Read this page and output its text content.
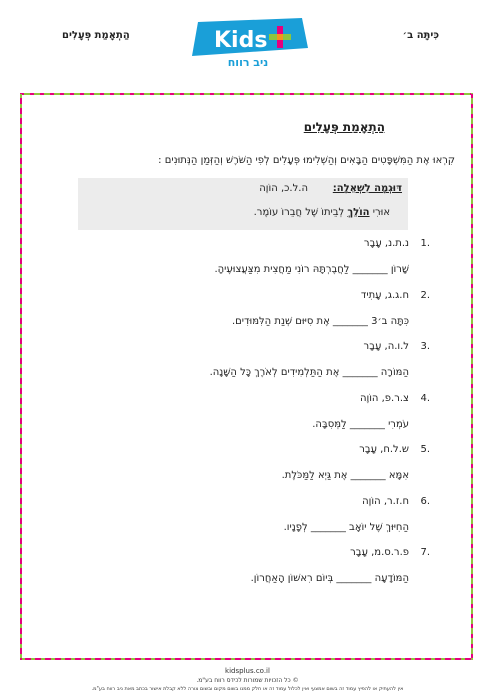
הַתְאָמַת פְּעָלִים	Kids
ניב רווח
כִּיתָּה ב׳
הַתְאָמַת פְּעָלִים
קִרְאוּ אֶת הַמִּשְׁפָּטִים הַבָּאִים וְהַשְׁלִימוּ פְּעָלִים לְפִי הַשֹּׁרֶשׁ וְהַזְּמַן הַנְּתוּנִים :
דּוּגְמָה לִשְׁאֵלָה:
ה.ל.כ, הוֹוֶה
אוּרִי הוֹלֵךְ לְבֵיתוֹ שֶׁל חֲבֵרוֹ עוֹמֶר.
1.
נ.ת.נ, עָבָר
שָׁרוֹן _______ לַחֲבֶרְתָּהּ רוֹנִי מַחֲצִית מִצַּעֲצוּעֶיהָ.
2.
ח.ג.ג, עָתִיד
כִּתָּה ב׳3 _______ אֶת סִיּוּם שְׁנַת הַלִּמּוּדִים.
3.
ל.ו.ה, עָבָר
הַמּוֹרָה _______ אֶת הַתַּלְמִידִים לְאֹרֶךְ כָּל הַשָּׁנָה.
4.
צ.ר.פ, הוֹוֶה
עֹמְרִי _______ לַמְּסִבָּה.
5.
ש.ל.ח, עָבָר
אִמָּא _______ אֶת גַּיְא לַמַּכֹּלֶת.
6.
ח.ז.ר, הוֹוֶה
הַחִיּוּךְ שֶׁל יוֹאָב _______ לְפָנָיו.
7.
פ.ר.ס.מ, עָבָר
הַמּוֹדָעָה _______ בְּיוֹם רִאשׁוֹן הָאַחֲרוֹן.
kidsplus.co.il
© כל הזכויות שמורות לכידס רווח בע"מ.
אין להעתיק או להפיץ עמוד זה בשום אמצעי ואין לכלול עמוד זה או חלק ממנו בשום מקום ובשום צורה ללא קבלת אישור בכתב מאת ניב רווח בע"מ.
